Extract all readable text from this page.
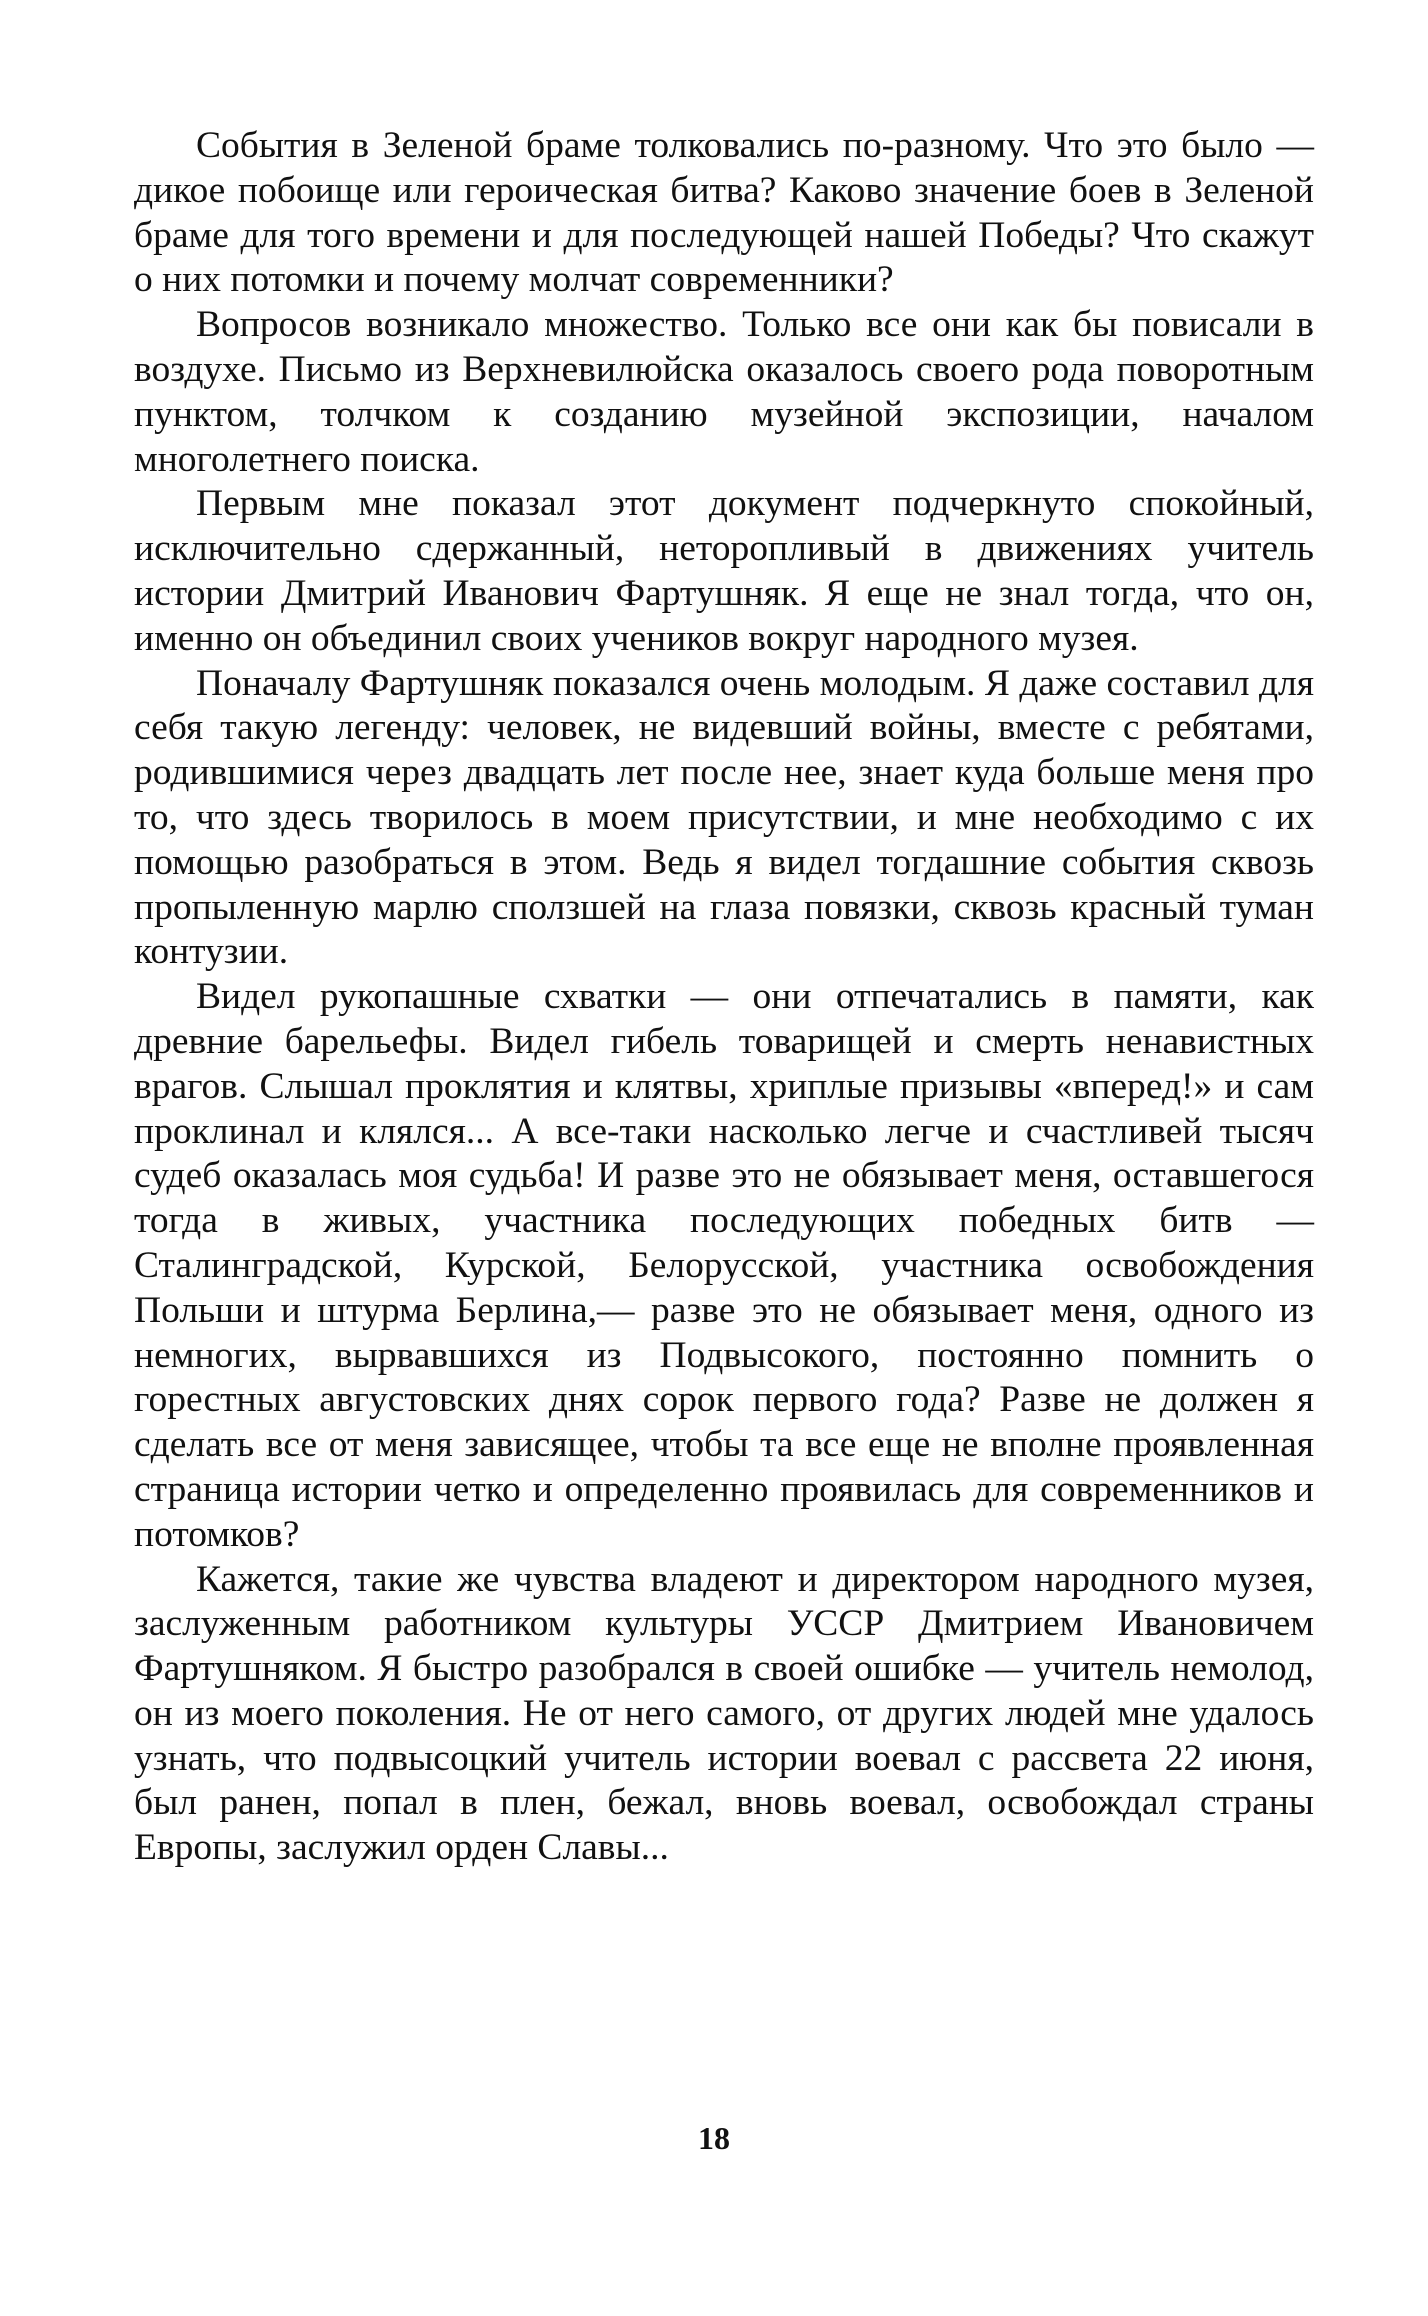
События в Зеленой браме толковались по-разному. Что это было — дикое побоище или героическая битва? Каково значение боев в Зеленой браме для того времени и для последующей нашей Победы? Что скажут о них потомки и почему молчат современники?

Вопросов возникало множество. Только все они как бы повисали в воздухе. Письмо из Верхневилюйска оказалось своего рода поворотным пунктом, толчком к созданию музейной экспозиции, началом многолетнего поиска.

Первым мне показал этот документ подчеркнуто спокойный, исключительно сдержанный, неторопливый в движениях учитель истории Дмитрий Иванович Фартушняк. Я еще не знал тогда, что он, именно он объединил своих учеников вокруг народного музея.

Поначалу Фартушняк показался очень молодым. Я даже составил для себя такую легенду: человек, не видевший войны, вместе с ребятами, родившимися через двадцать лет после нее, знает куда больше меня про то, что здесь творилось в моем присутствии, и мне необходимо с их помощью разобраться в этом. Ведь я видел тогдашние события сквозь пропыленную марлю сползшей на глаза повязки, сквозь красный туман контузии.

Видел рукопашные схватки — они отпечатались в памяти, как древние барельефы. Видел гибель товарищей и смерть ненавистных врагов. Слышал проклятия и клятвы, хриплые призывы «вперед!» и сам проклинал и клялся... А все-таки насколько легче и счастливей тысяч судеб оказалась моя судьба! И разве это не обязывает меня, оставшегося тогда в живых, участника последующих победных битв — Сталинградской, Курской, Белорусской, участника освобождения Польши и штурма Берлина,— разве это не обязывает меня, одного из немногих, вырвавшихся из Подвысокого, постоянно помнить о горестных августовских днях сорок первого года? Разве не должен я сделать все от меня зависящее, чтобы та все еще не вполне проявленная страница истории четко и определенно проявилась для современников и потомков?

Кажется, такие же чувства владеют и директором народного музея, заслуженным работником культуры УССР Дмитрием Ивановичем Фартушняком. Я быстро разобрался в своей ошибке — учитель немолод, он из моего поколения. Не от него самого, от других людей мне удалось узнать, что подвысоцкий учитель истории воевал с рассвета 22 июня, был ранен, попал в плен, бежал, вновь воевал, освобождал страны Европы, заслужил орден Славы...

18
